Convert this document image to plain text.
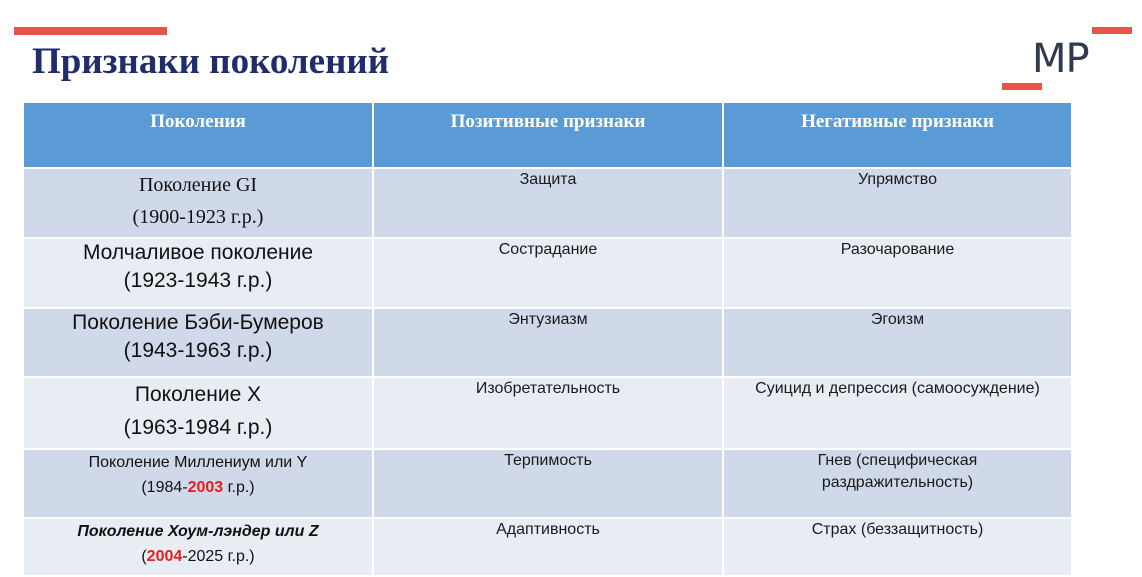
Признаки поколений	МР
Поколения	Позитивные признаки	Негативные признаки

Поколение GI
(1900-1923 г.р.)	Защита	Упрямство

Молчаливое поколение
(1923-1943 г.р.)	Сострадание	Разочарование

Поколение Бэби-Бумеров
(1943-1963 г.р.)	Энтузиазм	Эгоизм

Поколение Х
(1963-1984 г.р.)	Изобретательность	Суицид и депрессия (самоосуждение)

Поколение Миллениум или Y
(1984-2003 г.р.)	Терпимость	Гнев (специфическая
раздражительность)

Поколение Хоум-лэндер или Z
(2004-2025 г.р.)	Адаптивность	Страх (беззащитность)
